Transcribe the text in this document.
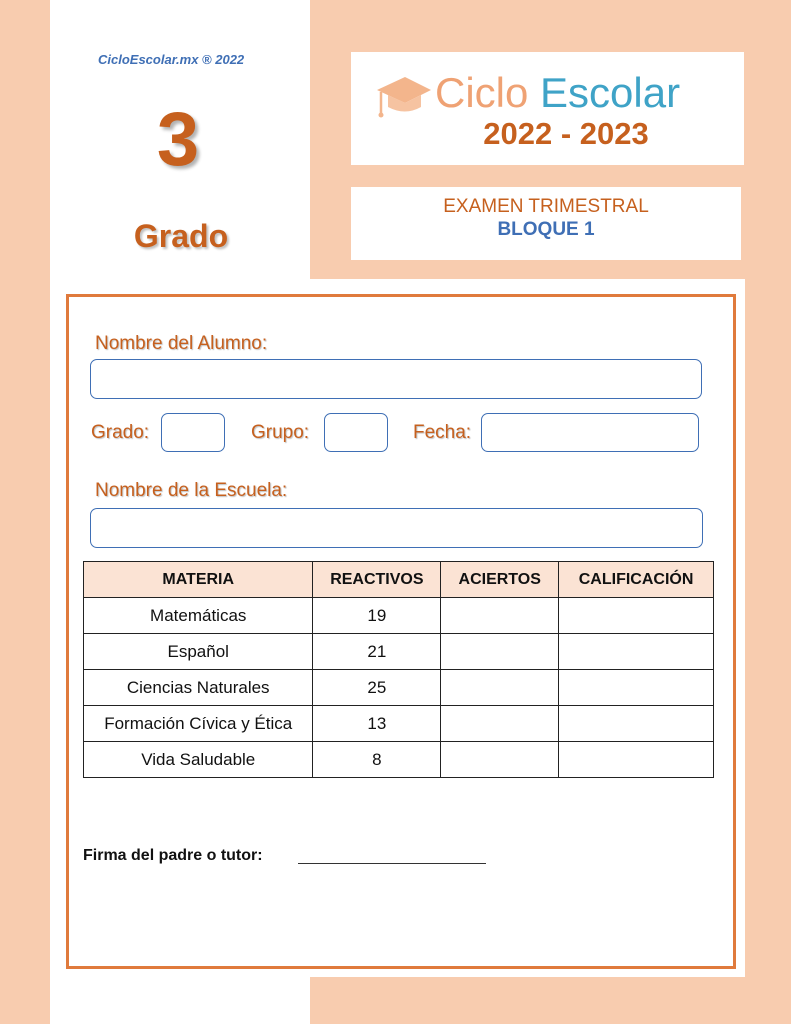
CicloEscolar.mx ® 2022
3
Grado
Ciclo Escolar
2022 - 2023
EXAMEN TRIMESTRAL
BLOQUE 1
Nombre del Alumno:
Grado:	Grupo:	Fecha:
Nombre de la Escuela:
MATERIA	REACTIVOS	ACIERTOS	CALIFICACIÓN
Matemáticas	19		
Español	21		
Ciencias Naturales	25		
Formación Cívica y Ética	13		
Vida Saludable	8		
Firma del padre o tutor:
